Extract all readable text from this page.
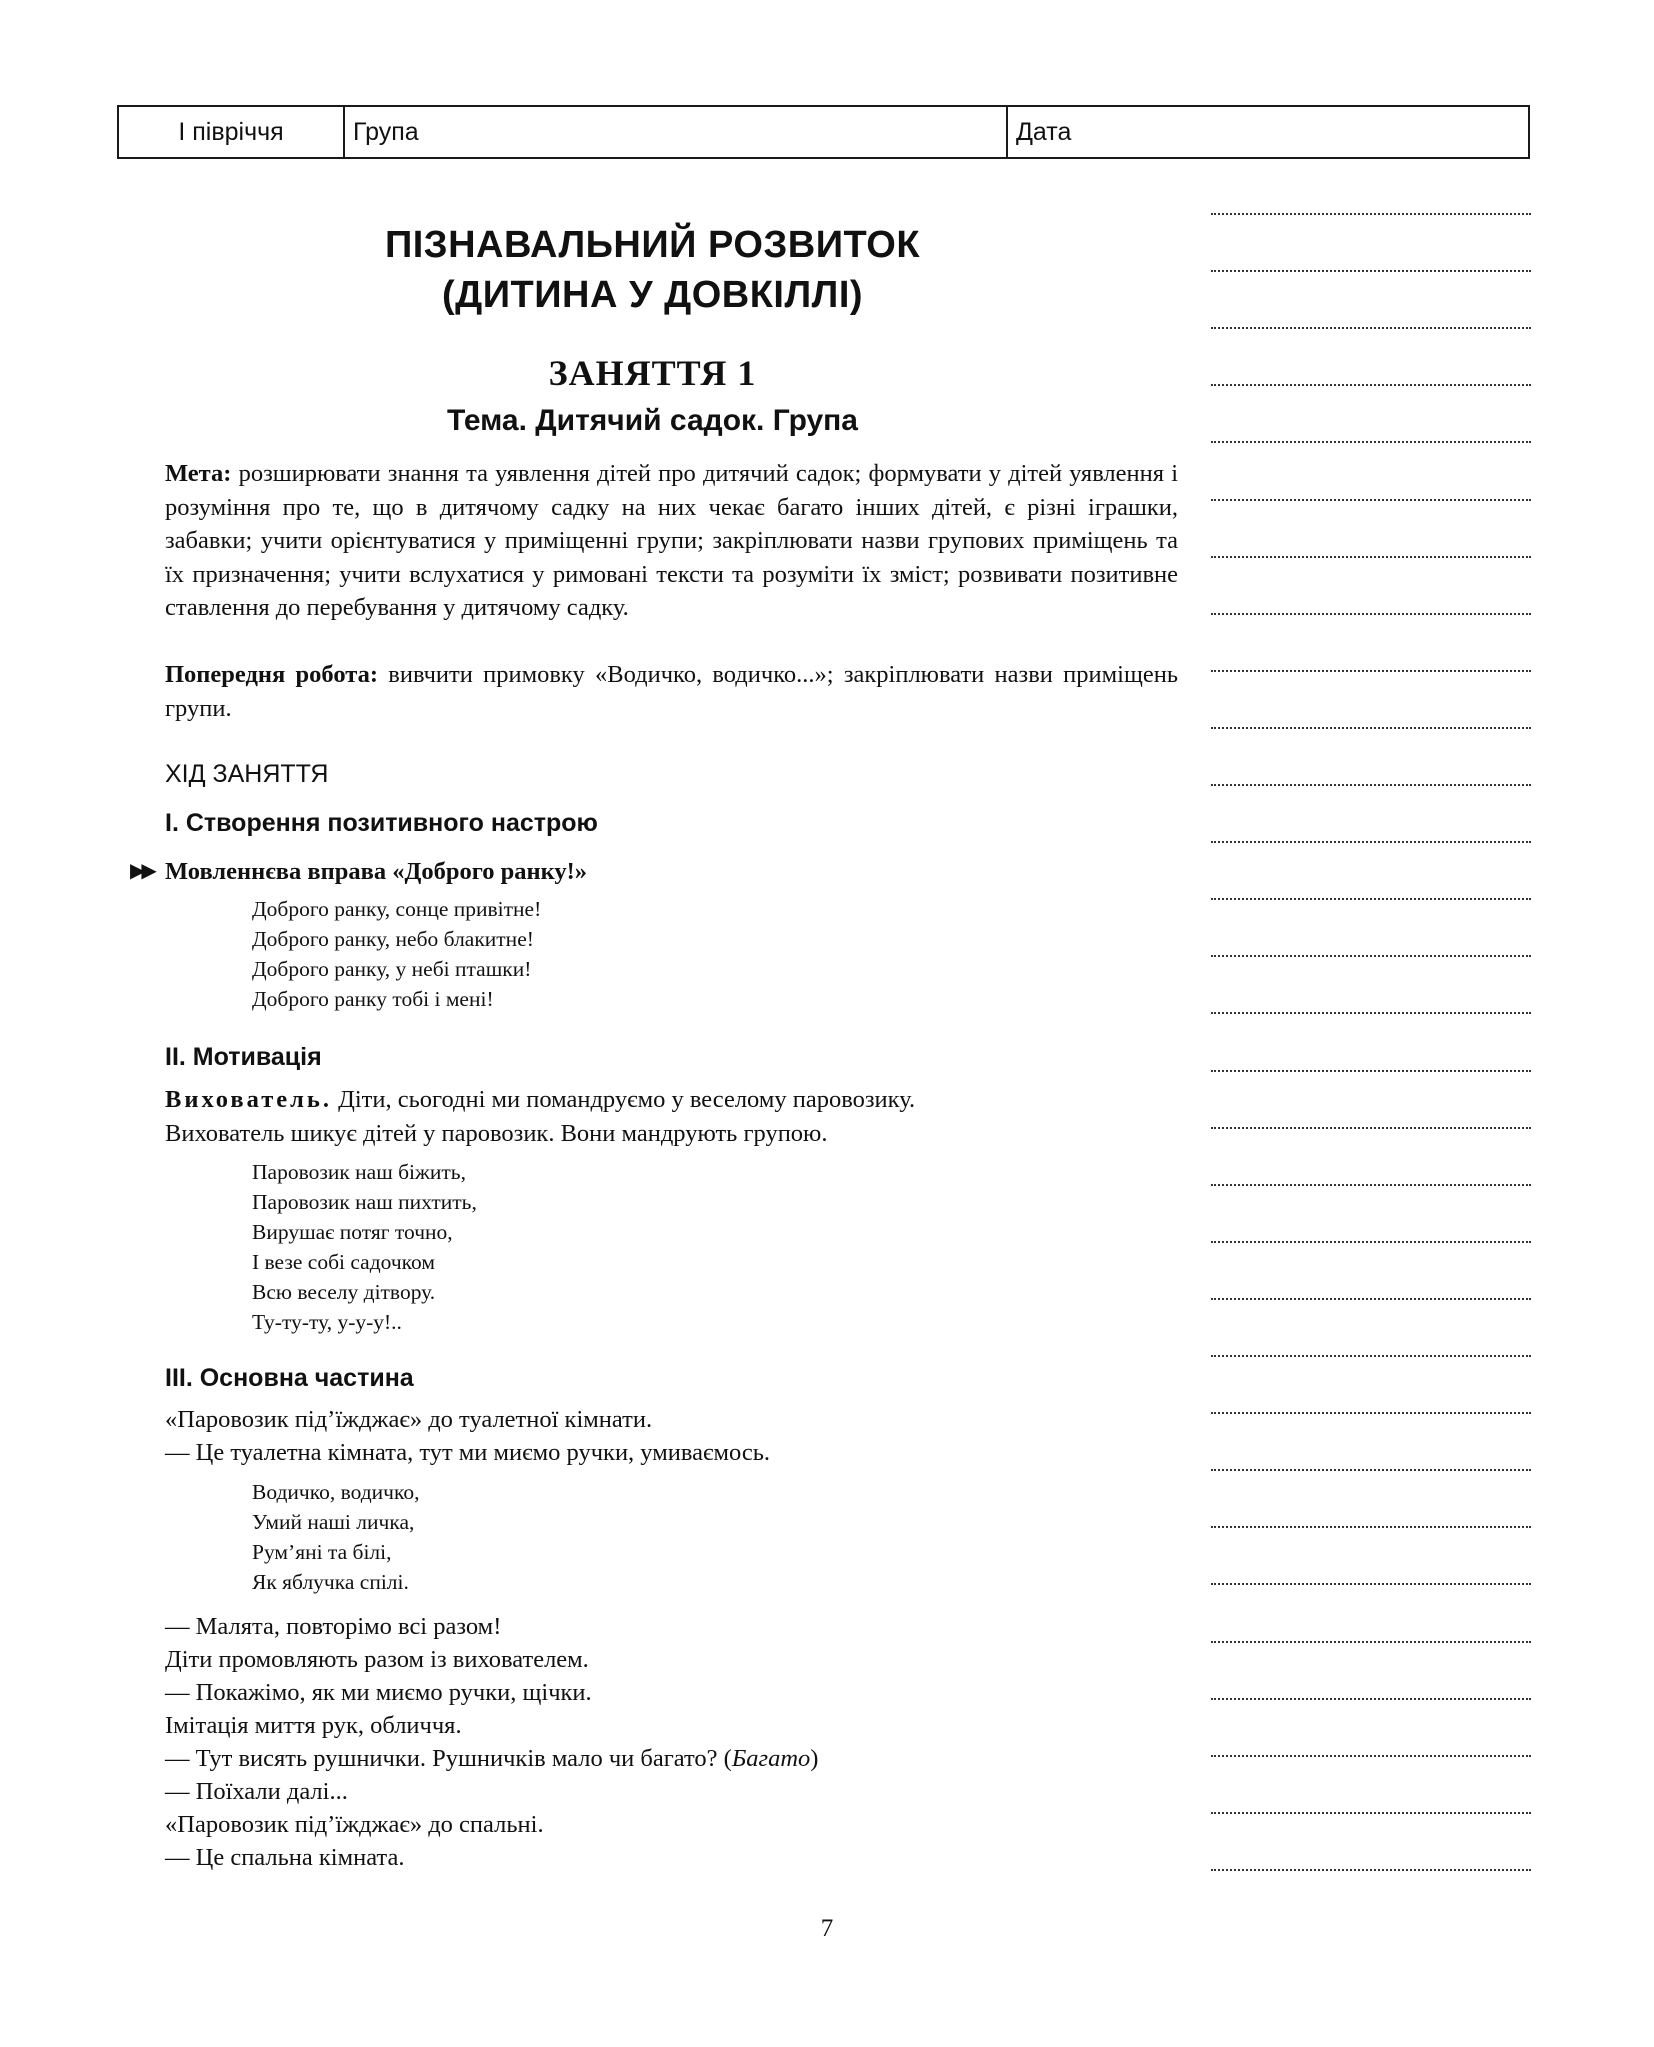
І півріччя	Група	Дата
ПІЗНАВАЛЬНИЙ РОЗВИТОК
(ДИТИНА У ДОВКІЛЛІ)
ЗАНЯТТЯ 1
Тема. Дитячий садок. Група
Мета: розширювати знання та уявлення дітей про дитячий садок; формувати у дітей уявлення і розуміння про те, що в дитячому садку на них чекає багато інших дітей, є різні іграшки, забавки; учити орієнтуватися у приміщенні групи; закріплювати назви групових приміщень та їх призначення; учити вслухатися у римовані тексти та розуміти їх зміст; розвивати позитивне ставлення до перебування у дитячому садку.
Попередня робота: вивчити примовку «Водичко, водичко...»; закріплювати назви приміщень групи.
ХІД ЗАНЯТТЯ
І. Створення позитивного настрою
▶▶ Мовленнєва вправа «Доброго ранку!»
Доброго ранку, сонце привітне!
Доброго ранку, небо блакитне!
Доброго ранку, у небі пташки!
Доброго ранку тобі і мені!
ІІ. Мотивація
Вихователь. Діти, сьогодні ми помандруємо у веселому паровозику.
Вихователь шикує дітей у паровозик. Вони мандрують групою.
Паровозик наш біжить,
Паровозик наш пихтить,
Вирушає потяг точно,
І везе собі садочком
Всю веселу дітвору.
Ту-ту-ту, у-у-у!..
ІІІ. Основна частина
«Паровозик під’їжджає» до туалетної кімнати.
— Це туалетна кімната, тут ми миємо ручки, умиваємось.
Водичко, водичко,
Умий наші личка,
Рум’яні та білі,
Як яблучка спілі.
— Малята, повторімо всі разом!
Діти промовляють разом із вихователем.
— Покажімо, як ми миємо ручки, щічки.
Імітація миття рук, обличчя.
— Тут висять рушнички. Рушничків мало чи багато? (Багато)
— Поїхали далі...
«Паровозик під’їжджає» до спальні.
— Це спальна кімната.
7
